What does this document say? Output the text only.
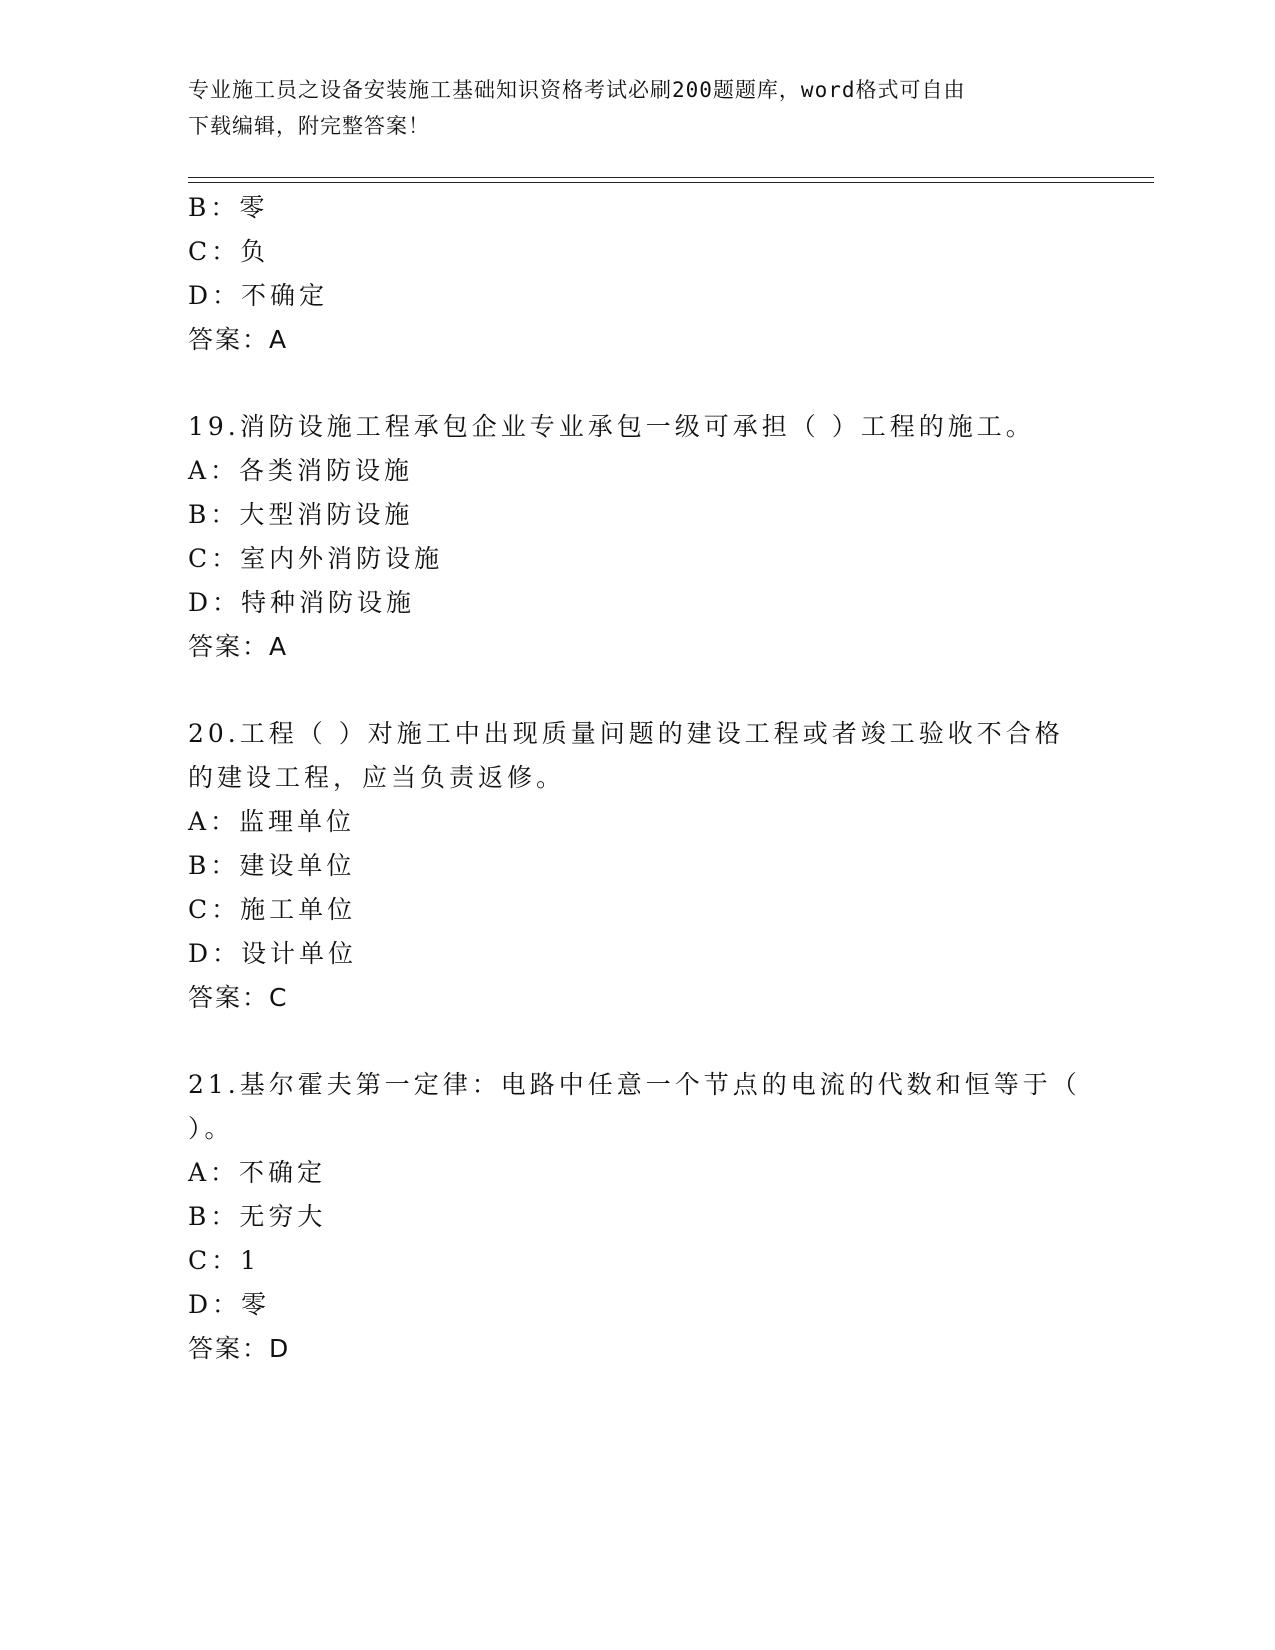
专业施工员之设备安装施工基础知识资格考试必刷200题题库，word格式可自由
下载编辑，附完整答案！
B：零
C：负
D：不确定
答案：A
19.消防设施工程承包企业专业承包一级可承担（ ）工程的施工。
A：各类消防设施
B：大型消防设施
C：室内外消防设施
D：特种消防设施
答案：A
20.工程（ ）对施工中出现质量问题的建设工程或者竣工验收不合格
的建设工程，应当负责返修。
A：监理单位
B：建设单位
C：施工单位
D：设计单位
答案：C
21.基尔霍夫第一定律：电路中任意一个节点的电流的代数和恒等于（
）。
A：不确定
B：无穷大
C：1
D：零
答案：D
